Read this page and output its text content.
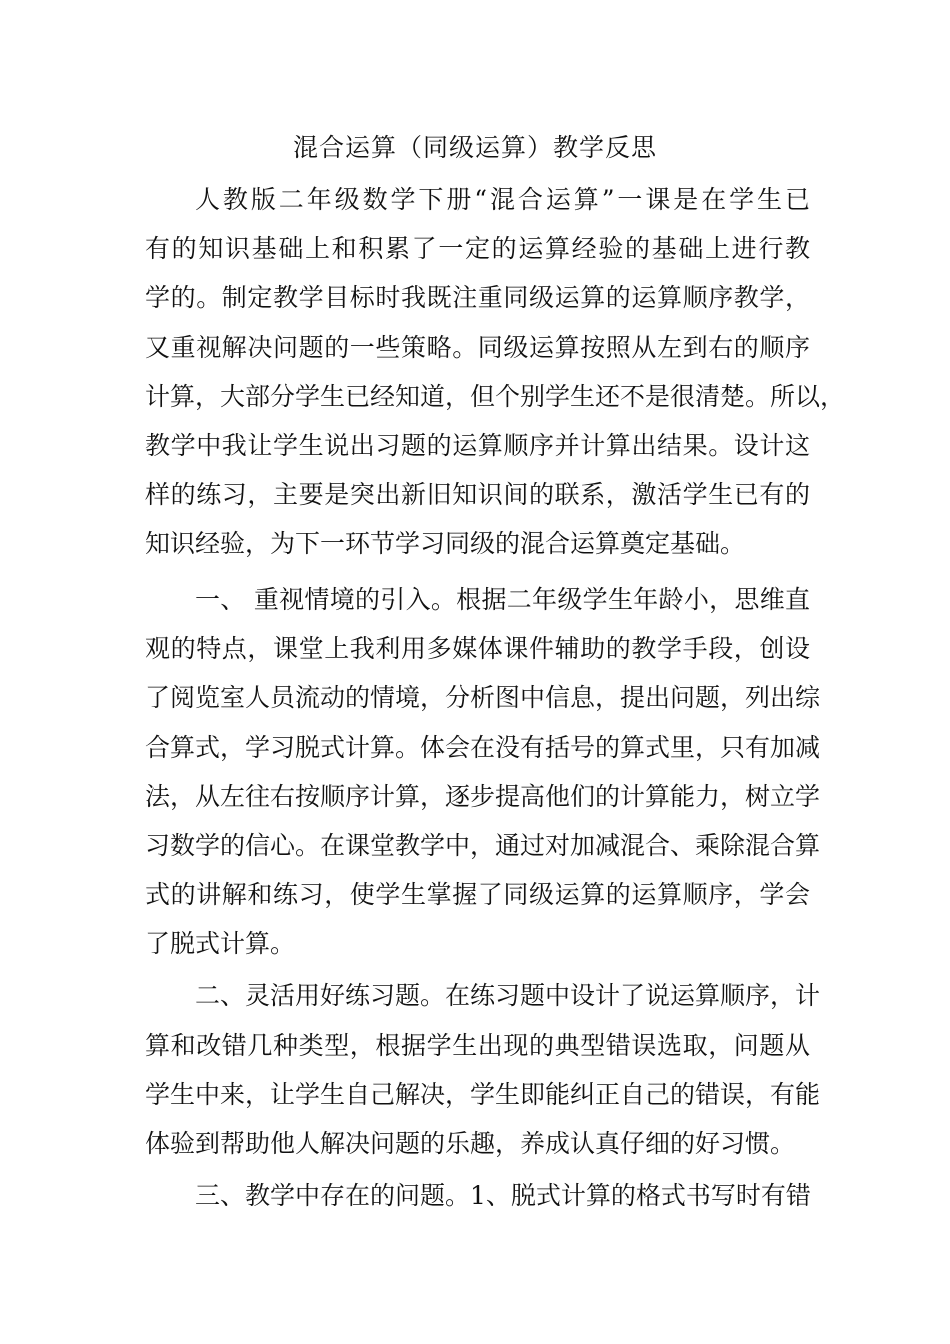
混合运算（同级运算）教学反思
人教版二年级数学下册“混合运算”一课是在学生已
有的知识基础上和积累了一定的运算经验的基础上进行教
学的。制定教学目标时我既注重同级运算的运算顺序教学，
又重视解决问题的一些策略。同级运算按照从左到右的顺序
计算，大部分学生已经知道，但个别学生还不是很清楚。所以，
教学中我让学生说出习题的运算顺序并计算出结果。设计这
样的练习，主要是突出新旧知识间的联系，激活学生已有的
知识经验，为下一环节学习同级的混合运算奠定基础。
一、 重视情境的引入。根据二年级学生年龄小，思维直
观的特点，课堂上我利用多媒体课件辅助的教学手段，创设
了阅览室人员流动的情境，分析图中信息，提出问题，列出综
合算式，学习脱式计算。体会在没有括号的算式里，只有加减
法，从左往右按顺序计算，逐步提高他们的计算能力，树立学
习数学的信心。在课堂教学中，通过对加减混合、乘除混合算
式的讲解和练习，使学生掌握了同级运算的运算顺序，学会
了脱式计算。
二、灵活用好练习题。在练习题中设计了说运算顺序，计
算和改错几种类型，根据学生出现的典型错误选取，问题从
学生中来，让学生自己解决，学生即能纠正自己的错误，有能
体验到帮助他人解决问题的乐趣，养成认真仔细的好习惯。
三、教学中存在的问题。1、脱式计算的格式书写时有错
